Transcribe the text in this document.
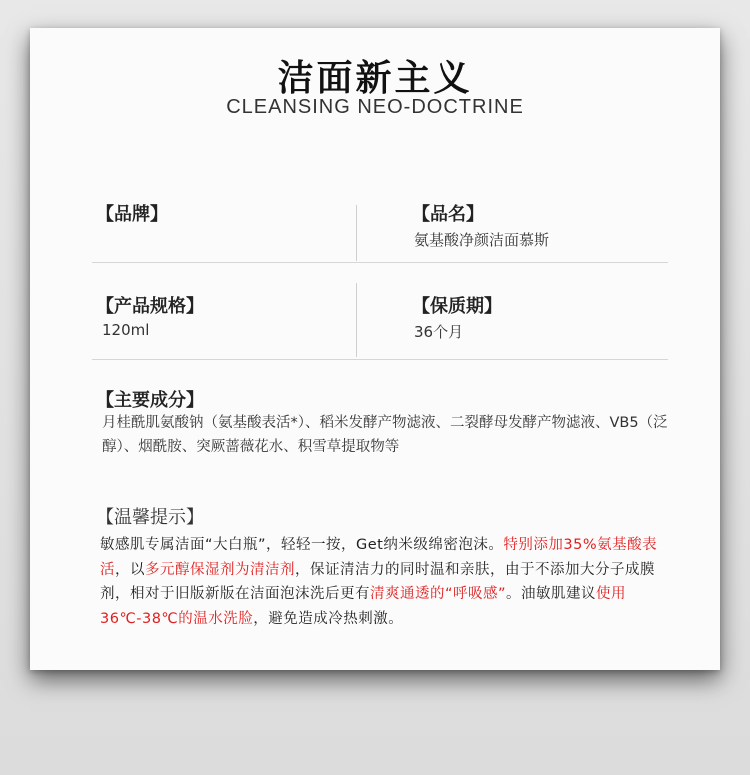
洁面新主义
CLEANSING NEO-DOCTRINE
【品牌】	【品名】
氨基酸净颜洁面慕斯
【产品规格】
120ml
【保质期】
36个月
【主要成分】
月桂酰肌氨酸钠（氨基酸表活*）、稻米发酵产物滤液、二裂酵母发酵产物滤液、VB5（泛醇）、烟酰胺、突厥蔷薇花水、积雪草提取物等
【温馨提示】
敏感肌专属洁面“大白瓶”，轻轻一按，Get纳米级绵密泡沫。特别添加35%氨基酸表活，以多元醇保湿剂为清洁剂，保证清洁力的同时温和亲肤，由于不添加大分子成膜剂，相对于旧版新版在洁面泡沫洗后更有清爽通透的“呼吸感”。油敏肌建议使用36℃-38℃的温水洗脸，避免造成冷热刺激。
